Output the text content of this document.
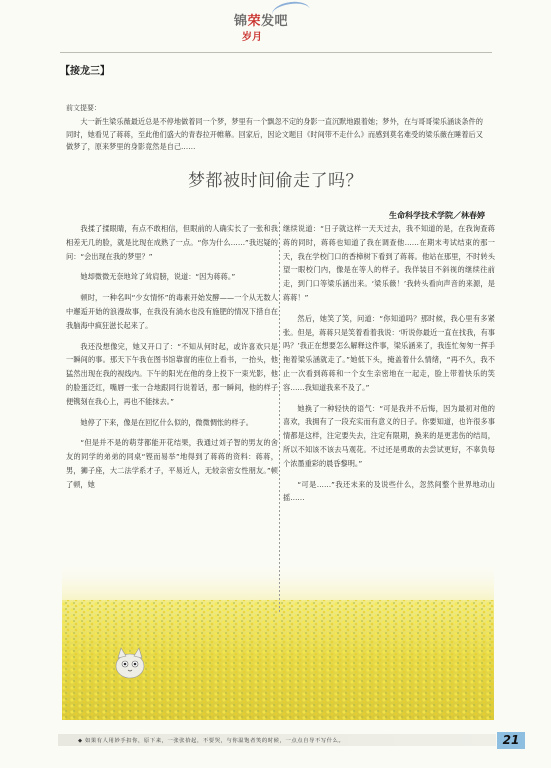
锦荣发吧
岁月
【接龙三】
前文提要：
大一新生梁乐薇最近总是不停地做着同一个梦，梦里有一个飘忽不定的身影一直沉默地跟着她；梦外，在与哥哥梁乐涵谈条件的同时，她看见了蒋蒋，至此他们盛大的青春拉开帷幕。回家后，因论文题目《时间带不走什么》而感到莫名难受的梁乐薇在睡着后又做梦了，原来梦里的身影竟然是自己……
梦都被时间偷走了吗？
生命科学技术学院／林春婷

我揉了揉眼睛，有点不敢相信，但眼前的人确实长了一张和我相差无几的脸，就是比现在成熟了一点。“你为什么……”我迟疑的问：“会出现在我的梦里？”

她却微微无奈地耸了耸肩膀，说道：“因为蒋蒋。”

顿时，一种名叫“少女情怀”的毒素开始发酵——一个从无数人中邂逅开始的浪漫故事，在我没有淌水也没有施肥的情况下措自在我脑海中疯狂滋长起来了。

我还没想像完，她又开口了：“不知从何时起，或许喜欢只是一瞬间的事。那天下午我在图书馆靠窗的座位上看书，一抬头，他猛然出现在我的视线内。下午的阳光在他的身上投下一束光影，他的脸蛋泛红，嘴唇一张一合地跟同行说着话，那一瞬间，他的样子便镌刻在我心上，再也不能抹去。”

她停了下来，像是在回忆什么似的，微微惆怅的样子。

“但是并不是的萌芽都能开花结果，我通过刘子智的男友的舍友的同学的弟弟的同桌“铿而易举”地得到了蒋蒋的资料：蒋蒋，男，狮子座，大二法学系才子，平易近人，无较亲密女性朋友。”顿了顿，她

继续说道：“日子就这样一天天过去，我不知道的是，在我询查蒋蒋的同时，蒋蒋也知道了我在调查他……在期末考试结束的那一天，我在学校门口的香樟树下看到了蒋蒋。他站在那里，不时转头望一眼校门内，像是在等人的样子。我佯装目不斜视的继续往前走，到门口等梁乐涵出来。‘梁乐薇！’我转头看向声音的来源，是蒋蒋！”

然后，她笑了笑，问道：“你知道吗？那时候，我心里有多紧张。但是，蒋蒋只是笑着看着我说：‘听说你最近一直在找我，有事吗？’我正在想要怎么解释这件事，梁乐涵来了，我连忙匆匆一挥手拖着梁乐涵就走了。”她低下头，掩盖着什么情绪，“再不久，我不止一次看到蒋蒋和一个女生亲密地在一起走，脸上带着快乐的笑容……我知道我来不及了。”

她换了一种轻快的语气：“可是我并不后悔，因为最初对他的喜欢，我拥有了一段充实而有意义的日子。你要知道，也许很多事情都是这样，注定要失去，注定有限期，换来的是更悲伤的结局，所以不知该不该去马观花。不过还是勇敢的去尝试更好，不辜负每个浓墨重彩的晨昏黎明。”

“可是……”我还未来的及说些什么，忽然间整个世界地动山摇……

◆ 如果有人用妙手扣你，原下来，一张张拾起，不要哭，与你温饱者笑的时候，一点点自导不写什么。	21
